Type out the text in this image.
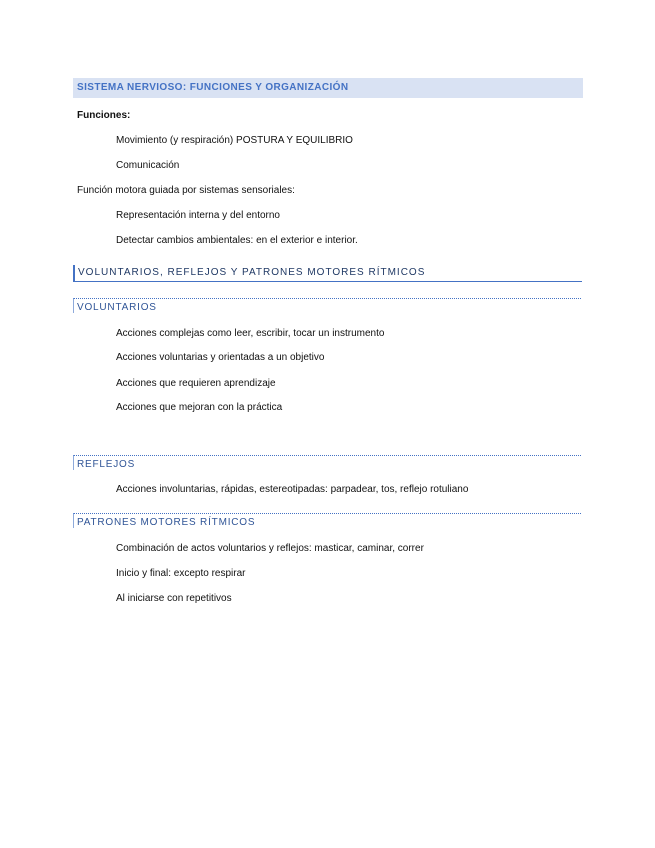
SISTEMA NERVIOSO: FUNCIONES Y ORGANIZACIÓN
Funciones:
Movimiento (y respiración) POSTURA Y EQUILIBRIO
Comunicación
Función motora guiada por sistemas sensoriales:
Representación interna y del entorno
Detectar cambios ambientales: en el exterior e interior.
VOLUNTARIOS, REFLEJOS Y PATRONES MOTORES RÍTMICOS
VOLUNTARIOS
Acciones complejas como leer, escribir, tocar un instrumento
Acciones voluntarias y orientadas a un objetivo
Acciones que requieren aprendizaje
Acciones que mejoran con la práctica
REFLEJOS
Acciones involuntarias, rápidas, estereotipadas: parpadear, tos, reflejo rotuliano
PATRONES MOTORES RÍTMICOS
Combinación de actos voluntarios y reflejos: masticar, caminar, correr
Inicio y final: excepto respirar
Al iniciarse con repetitivos
